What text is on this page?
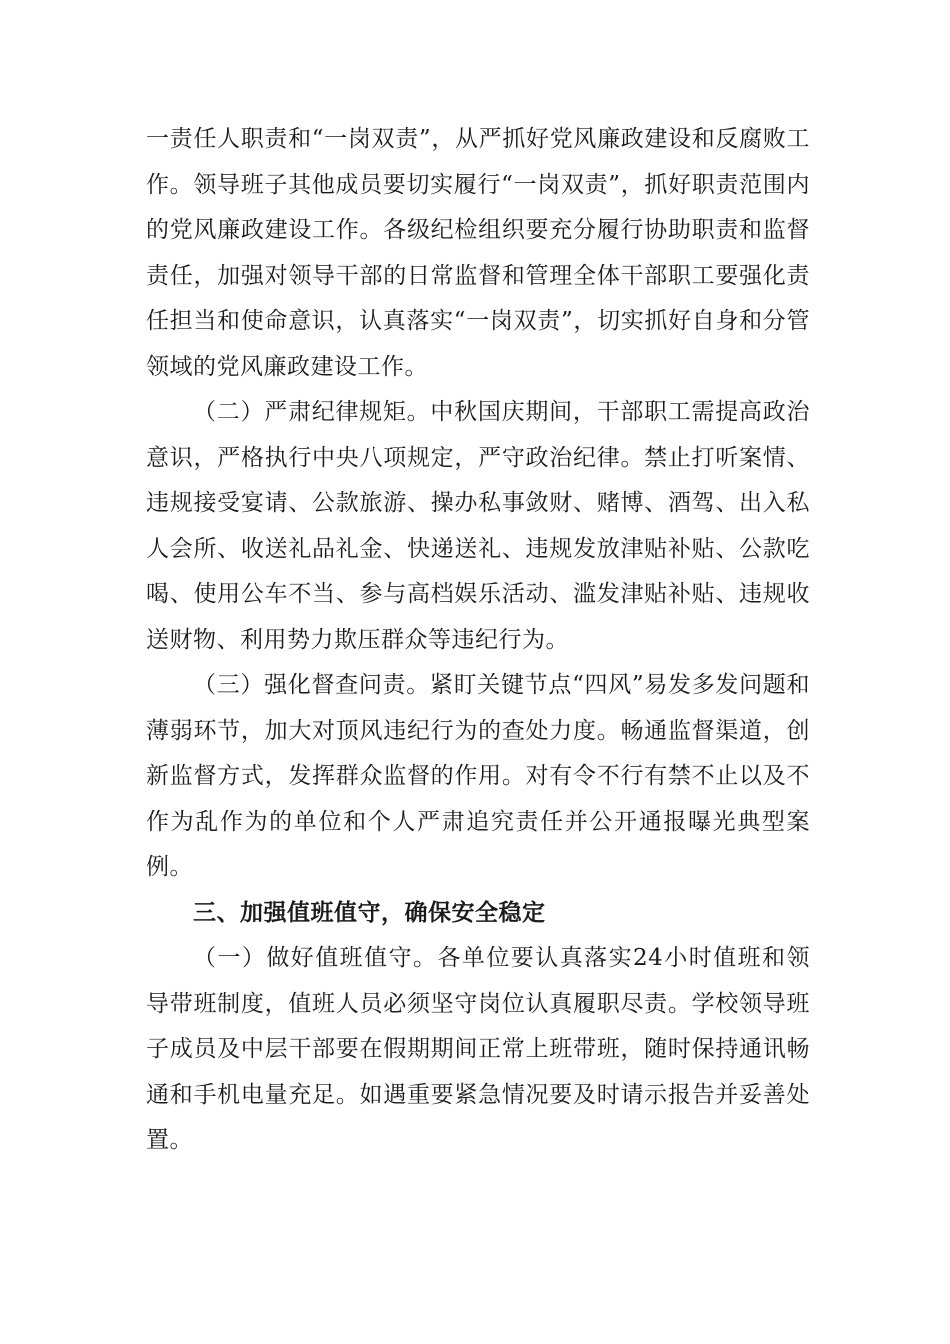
一责任人职责和“一岗双责”，从严抓好党风廉政建设和反腐败工作。领导班子其他成员要切实履行“一岗双责”，抓好职责范围内的党风廉政建设工作。各级纪检组织要充分履行协助职责和监督责任，加强对领导干部的日常监督和管理全体干部职工要强化责任担当和使命意识，认真落实“一岗双责”，切实抓好自身和分管领域的党风廉政建设工作。

（二）严肃纪律规矩。中秋国庆期间，干部职工需提高政治意识，严格执行中央八项规定，严守政治纪律。禁止打听案情、违规接受宴请、公款旅游、操办私事敛财、赌博、酒驾、出入私人会所、收送礼品礼金、快递送礼、违规发放津贴补贴、公款吃喝、使用公车不当、参与高档娱乐活动、滥发津贴补贴、违规收送财物、利用势力欺压群众等违纪行为。

（三）强化督查问责。紧盯关键节点“四风”易发多发问题和薄弱环节，加大对顶风违纪行为的查处力度。畅通监督渠道，创新监督方式，发挥群众监督的作用。对有令不行有禁不止以及不作为乱作为的单位和个人严肃追究责任并公开通报曝光典型案例。

三、加强值班值守，确保安全稳定

（一）做好值班值守。各单位要认真落实24小时值班和领导带班制度，值班人员必须坚守岗位认真履职尽责。学校领导班子成员及中层干部要在假期期间正常上班带班，随时保持通讯畅通和手机电量充足。如遇重要紧急情况要及时请示报告并妥善处置。
